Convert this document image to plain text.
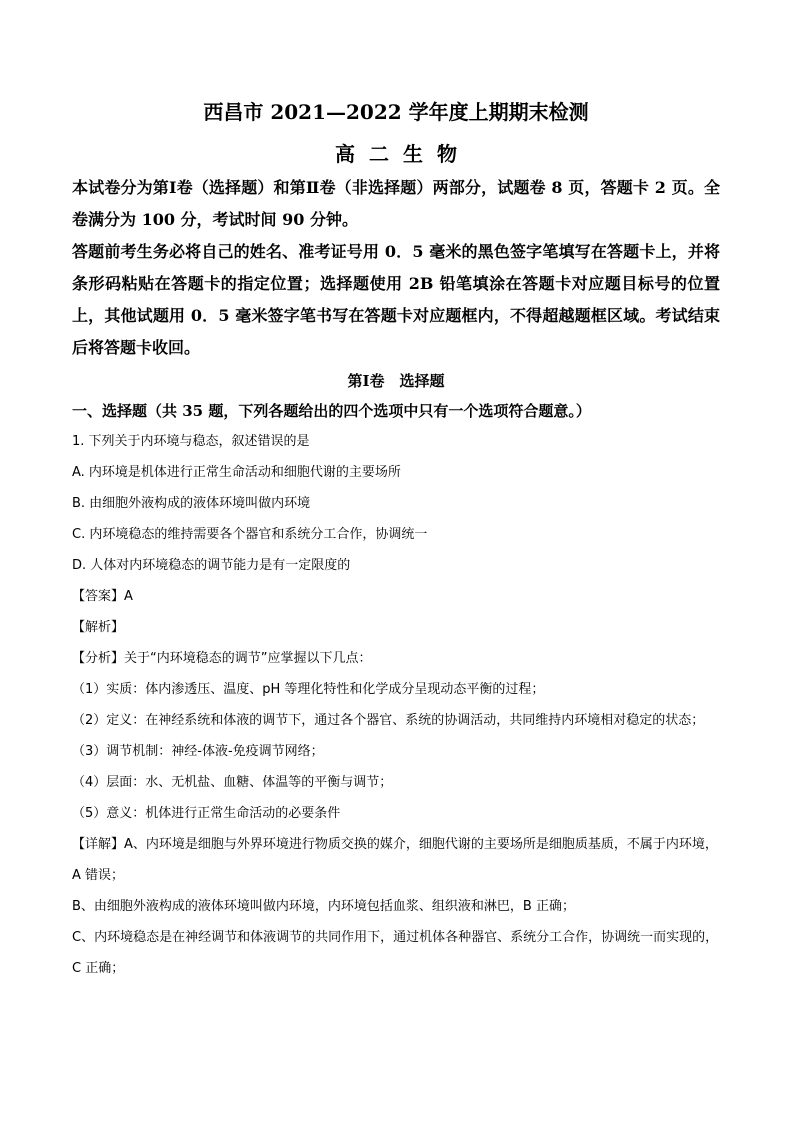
西昌市 2021—2022 学年度上期期末检测
高二生物

本试卷分为第Ⅰ卷（选择题）和第Ⅱ卷（非选择题）两部分，试题卷 8 页，答题卡 2 页。全卷满分为 100 分，考试时间 90 分钟。

答题前考生务必将自己的姓名、准考证号用 0．5 毫米的黑色签字笔填写在答题卡上，并将条形码粘贴在答题卡的指定位置；选择题使用 2B 铅笔填涂在答题卡对应题目标号的位置上，其他试题用 0．5 毫米签字笔书写在答题卡对应题框内，不得超越题框区域。考试结束后将答题卡收回。

第Ⅰ卷　选择题
一、选择题（共 35 题，下列各题给出的四个选项中只有一个选项符合题意。）

1. 下列关于内环境与稳态，叙述错误的是

A. 内环境是机体进行正常生命活动和细胞代谢的主要场所

B. 由细胞外液构成的液体环境叫做内环境

C. 内环境稳态的维持需要各个器官和系统分工合作，协调统一

D. 人体对内环境稳态的调节能力是有一定限度的

【答案】A

【解析】

【分析】关于“内环境稳态的调节”应掌握以下几点：

（1）实质：体内渗透压、温度、pH 等理化特性和化学成分呈现动态平衡的过程；

（2）定义：在神经系统和体液的调节下，通过各个器官、系统的协调活动，共同维持内环境相对稳定的状态；

（3）调节机制：神经-体液-免疫调节网络；

（4）层面：水、无机盐、血糖、体温等的平衡与调节；

（5）意义：机体进行正常生命活动的必要条件

【详解】A、内环境是细胞与外界环境进行物质交换的媒介，细胞代谢的主要场所是细胞质基质，不属于内环境，A 错误；

B、由细胞外液构成的液体环境叫做内环境，内环境包括血浆、组织液和淋巴，B 正确；

C、内环境稳态是在神经调节和体液调节的共同作用下，通过机体各种器官、系统分工合作，协调统一而实现的，C 正确；
